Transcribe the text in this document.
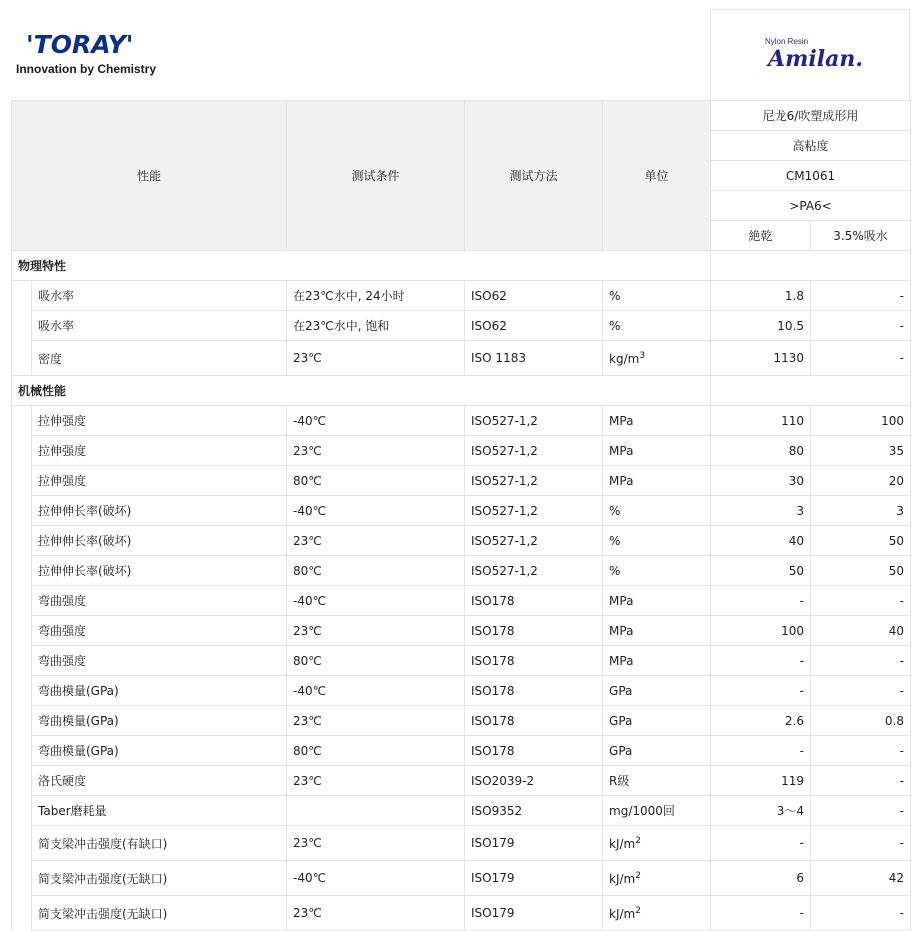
'TORAY'
Innovation by Chemistry
Nylon Resin
Amilan.
性能		测试条件	测试方法	单位	尼龙6/吹塑成形用	
					高粘度	
					CM1061	
					>PA6<	
					絶乾	3.5%吸水
物理特性						
	吸水率	在23℃水中, 24小时	ISO62	%	1.8	-
	吸水率	在23℃水中, 饱和	ISO62	%	10.5	-
	密度	23℃	ISO 1183	$kg/m^3$	1130	-
机械性能						
	拉伸强度	-40℃	ISO527-1,2	MPa	110	100
	拉伸强度	23℃	ISO527-1,2	MPa	80	35
	拉伸强度	80℃	ISO527-1,2	MPa	30	20
	拉伸伸长率(破坏)	-40℃	ISO527-1,2	%	3	3
	拉伸伸长率(破坏)	23℃	ISO527-1,2	%	40	50
	拉伸伸长率(破坏)	80℃	ISO527-1,2	%	50	50
	弯曲强度	-40℃	ISO178	MPa	-	-
	弯曲强度	23℃	ISO178	MPa	100	40
	弯曲强度	80℃	ISO178	MPa	-	-
	弯曲模量(GPa)	-40℃	ISO178	GPa	-	-
	弯曲模量(GPa)	23℃	ISO178	GPa	2.6	0.8
	弯曲模量(GPa)	80℃	ISO178	GPa	-	-
	洛氏硬度	23℃	ISO2039-2	R级	119	-
	Taber磨耗量		ISO9352	mg/1000回	3～4	-
	简支梁冲击强度(有缺口)	23℃	ISO179	$kJ/m^2$	-	-
	简支梁冲击强度(无缺口)	-40℃	ISO179	$kJ/m^2$	6	42
	简支梁冲击强度(无缺口)	23℃	ISO179	$kJ/m^2$	-	-
